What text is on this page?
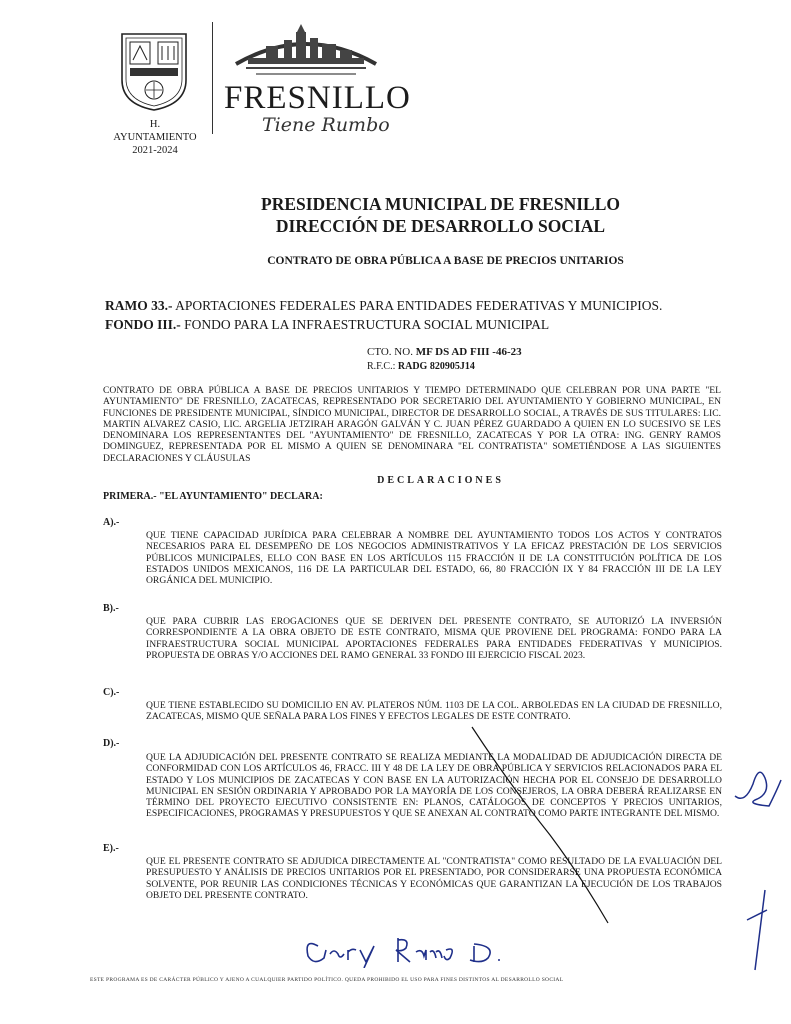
H. AYUNTAMIENTO
2021-2024
FRESNILLO
Tiene Rumbo
PRESIDENCIA MUNICIPAL DE FRESNILLO
DIRECCIÓN DE DESARROLLO SOCIAL
CONTRATO DE OBRA PÚBLICA A BASE DE PRECIOS UNITARIOS
RAMO 33.- APORTACIONES FEDERALES PARA ENTIDADES FEDERATIVAS Y MUNICIPIOS.
FONDO III.- FONDO PARA LA INFRAESTRUCTURA SOCIAL MUNICIPAL
CTO. NO. MF DS AD FIII -46-23
R.F.C.: RADG 820905J14
CONTRATO DE OBRA PÚBLICA A BASE DE PRECIOS UNITARIOS Y TIEMPO DETERMINADO QUE CELEBRAN POR UNA PARTE "EL AYUNTAMIENTO" DE FRESNILLO, ZACATECAS, REPRESENTADO POR SECRETARIO DEL AYUNTAMIENTO Y GOBIERNO MUNICIPAL, EN FUNCIONES DE PRESIDENTE MUNICIPAL, SÍNDICO MUNICIPAL, DIRECTOR DE DESARROLLO SOCIAL, A TRAVÉS DE SUS TITULARES: LIC. MARTIN ALVAREZ CASIO, LIC. ARGELIA JETZIRAH ARAGÓN GALVÁN Y C. JUAN PÉREZ GUARDADO A QUIEN EN LO SUCESIVO SE LES DENOMINARA LOS REPRESENTANTES DEL "AYUNTAMIENTO" DE FRESNILLO, ZACATECAS Y POR LA OTRA: ING. GENRY RAMOS DOMINGUEZ, REPRESENTADA POR EL MISMO A QUIEN SE DENOMINARA "EL CONTRATISTA" SOMETIÉNDOSE A LAS SIGUIENTES DECLARACIONES Y CLÁUSULAS
DECLARACIONES
PRIMERA.- "EL AYUNTAMIENTO" DECLARA:
A).-
QUE TIENE CAPACIDAD JURÍDICA PARA CELEBRAR A NOMBRE DEL AYUNTAMIENTO TODOS LOS ACTOS Y CONTRATOS NECESARIOS PARA EL DESEMPEÑO DE LOS NEGOCIOS ADMINISTRATIVOS Y LA EFICAZ PRESTACIÓN DE LOS SERVICIOS PÚBLICOS MUNICIPALES, ELLO CON BASE EN LOS ARTÍCULOS 115 FRACCIÓN II DE LA CONSTITUCIÓN POLÍTICA DE LOS ESTADOS UNIDOS MEXICANOS, 116 DE LA PARTICULAR DEL ESTADO, 66, 80 FRACCIÓN IX Y 84 FRACCIÓN III DE LA LEY ORGÁNICA DEL MUNICIPIO.
B).-
QUE PARA CUBRIR LAS EROGACIONES QUE SE DERIVEN DEL PRESENTE CONTRATO, SE AUTORIZÓ LA INVERSIÓN CORRESPONDIENTE A LA OBRA OBJETO DE ESTE CONTRATO, MISMA QUE PROVIENE DEL PROGRAMA: FONDO PARA LA INFRAESTRUCTURA SOCIAL MUNICIPAL APORTACIONES FEDERALES PARA ENTIDADES FEDERATIVAS Y MUNICIPIOS. PROPUESTA DE OBRAS Y/O ACCIONES DEL RAMO GENERAL 33 FONDO III EJERCICIO FISCAL 2023.
C).-
QUE TIENE ESTABLECIDO SU DOMICILIO EN AV. PLATEROS NÚM. 1103 DE LA COL. ARBOLEDAS EN LA CIUDAD DE FRESNILLO, ZACATECAS, MISMO QUE SEÑALA PARA LOS FINES Y EFECTOS LEGALES DE ESTE CONTRATO.
D).-
QUE LA ADJUDICACIÓN DEL PRESENTE CONTRATO SE REALIZA MEDIANTE LA MODALIDAD DE ADJUDICACIÓN DIRECTA DE CONFORMIDAD CON LOS ARTÍCULOS 46, FRACC. III Y 48 DE LA LEY DE OBRA PÚBLICA Y SERVICIOS RELACIONADOS PARA EL ESTADO Y LOS MUNICIPIOS DE ZACATECAS Y CON BASE EN LA AUTORIZACIÓN HECHA POR EL CONSEJO DE DESARROLLO MUNICIPAL EN SESIÓN ORDINARIA Y APROBADO POR LA MAYORÍA DE LOS CONSEJEROS, LA OBRA DEBERÁ REALIZARSE EN TÉRMINO DEL PROYECTO EJECUTIVO CONSISTENTE EN: PLANOS, CATÁLOGOS DE CONCEPTOS Y PRECIOS UNITARIOS, ESPECIFICACIONES, PROGRAMAS Y PRESUPUESTOS Y QUE SE ANEXAN AL CONTRATO COMO PARTE INTEGRANTE DEL MISMO.
E).-
QUE EL PRESENTE CONTRATO SE ADJUDICA DIRECTAMENTE AL "CONTRATISTA" COMO RESULTADO DE LA EVALUACIÓN DEL PRESUPUESTO Y ANÁLISIS DE PRECIOS UNITARIOS POR EL PRESENTADO, POR CONSIDERARSE UNA PROPUESTA ECONÓMICA SOLVENTE, POR REUNIR LAS CONDICIONES TÉCNICAS Y ECONÓMICAS QUE GARANTIZAN LA EJECUCIÓN DE LOS TRABAJOS OBJETO DEL PRESENTE CONTRATO.
ESTE PROGRAMA ES DE CARÁCTER PÚBLICO Y AJENO A CUALQUIER PARTIDO POLÍTICO. QUEDA PROHIBIDO EL USO PARA FINES DISTINTOS AL DESARROLLO SOCIAL
